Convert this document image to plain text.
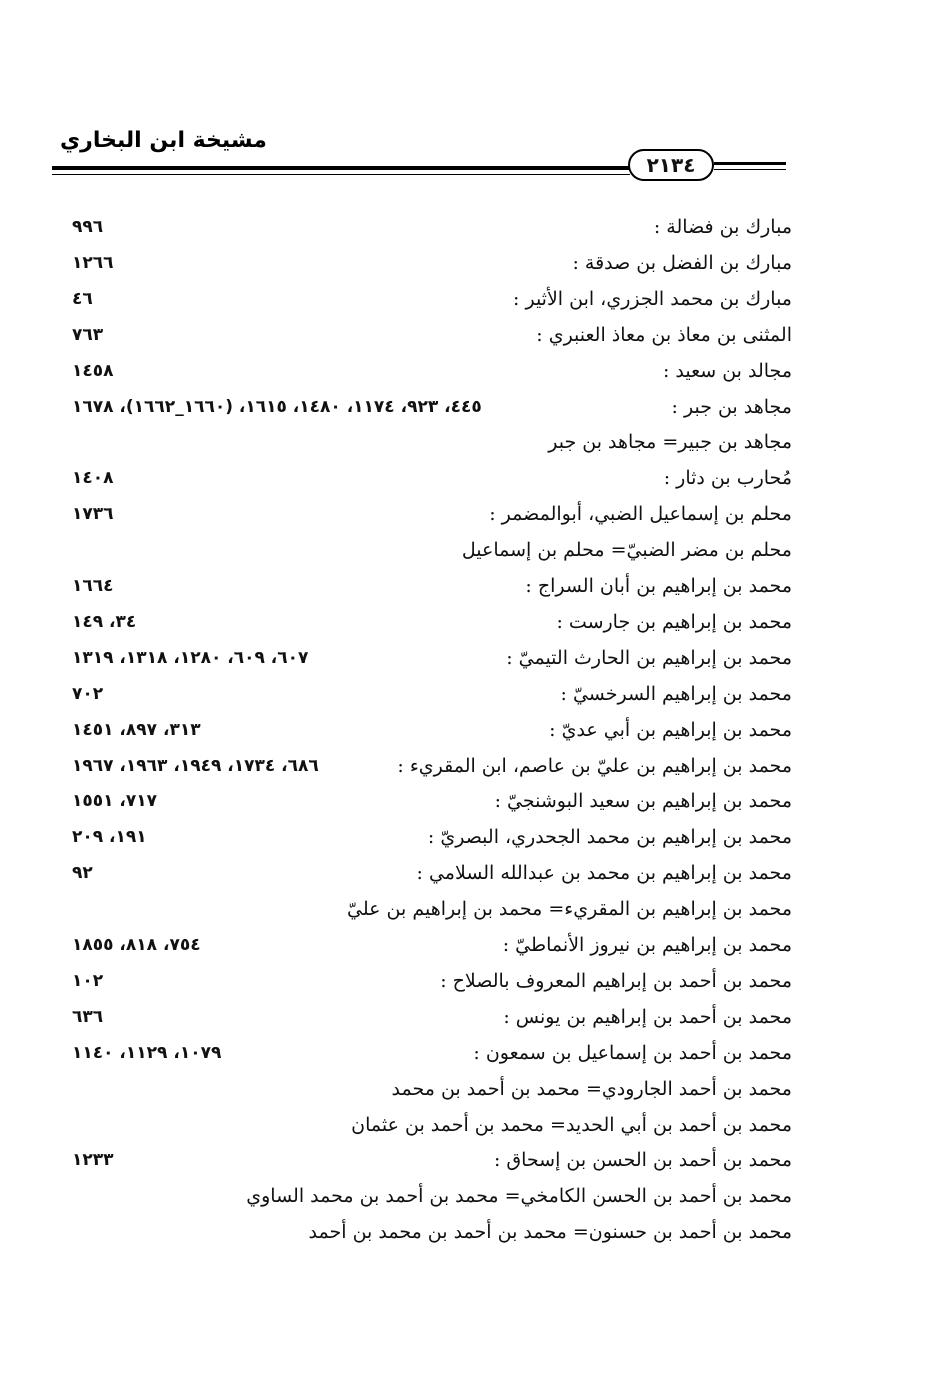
مشيخة ابن البخاري
٢١٣٤
مبارك بن فضالة :
٩٩٦
مبارك بن الفضل بن صدقة :
١٢٦٦
مبارك بن محمد الجزري، ابن الأثير :
٤٦
المثنى بن معاذ بن معاذ العنبري :
٧٦٣
مجالد بن سعيد :
١٤٥٨
مجاهد بن جبر :
٤٤٥، ٩٢٣، ١١٧٤، ١٤٨٠، ١٦١٥، (١٦٦٠_١٦٦٢)، ١٦٧٨
مجاهد بن جبير= مجاهد بن جبر
مُحارب بن دثار :
١٤٠٨
محلم بن إسماعيل الضبي، أبوالمضمر :
١٧٣٦
محلم بن مضر الضبيّ= محلم بن إسماعيل
محمد بن إبراهيم بن أبان السراج :
١٦٦٤
محمد بن إبراهيم بن جارست :
٣٤، ١٤٩
محمد بن إبراهيم بن الحارث التيميّ :
٦٠٧، ٦٠٩، ١٢٨٠، ١٣١٨، ١٣١٩
محمد بن إبراهيم السرخسيّ :
٧٠٢
محمد بن إبراهيم بن أبي عديّ :
٣١٣، ٨٩٧، ١٤٥١
محمد بن إبراهيم بن عليّ بن عاصم، ابن المقريء :
٦٨٦، ١٧٣٤، ١٩٤٩، ١٩٦٣، ١٩٦٧
محمد بن إبراهيم بن سعيد البوشنجيّ :
٧١٧، ١٥٥١
محمد بن إبراهيم بن محمد الجحدري، البصريّ :
١٩١، ٢٠٩
محمد بن إبراهيم بن محمد بن عبدالله السلامي :
٩٢
محمد بن إبراهيم بن المقريء= محمد بن إبراهيم بن عليّ
محمد بن إبراهيم بن نيروز الأنماطيّ :
٧٥٤، ٨١٨، ١٨٥٥
محمد بن أحمد بن إبراهيم المعروف بالصلاح :
١٠٢
محمد بن أحمد بن إبراهيم بن يونس :
٦٣٦
محمد بن أحمد بن إسماعيل بن سمعون :
١٠٧٩، ١١٢٩، ١١٤٠
محمد بن أحمد الجارودي= محمد بن أحمد بن محمد
محمد بن أحمد بن أبي الحديد= محمد بن أحمد بن عثمان
محمد بن أحمد بن الحسن بن إسحاق :
١٢٣٣
محمد بن أحمد بن الحسن الكامخي= محمد بن أحمد بن محمد الساوي
محمد بن أحمد بن حسنون= محمد بن أحمد بن محمد بن أحمد
